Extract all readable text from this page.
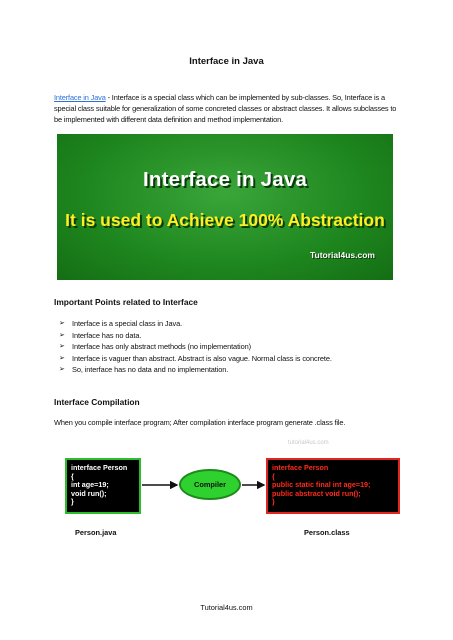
Interface in Java
Interface in Java - Interface is a special class which can be implemented by sub-classes. So, Interface is a special class suitable for generalization of some concreted classes or abstract classes. It allows subclasses to be implemented with different data definition and method implementation.
Interface in Java
It is used to Achieve 100% Abstraction
Tutorial4us.com
Important Points related to Interface
➢ Interface is a special class in Java.
➢ Interface has no data.
➢ Interface has only abstract methods (no implementation)
➢ Interface is vaguer than abstract. Abstract is also vague. Normal class is concrete.
➢ So, interface has no data and no implementation.
Interface Compilation
When you compile interface program; After compilation interface program generate .class file.
tutorial4us.com
interface Person
{
int age=19;
void run();
}
Compiler
interface Person
{
public static final int age=19;
public abstract void run();
}
Person.java	Person.class
Tutorial4us.com
